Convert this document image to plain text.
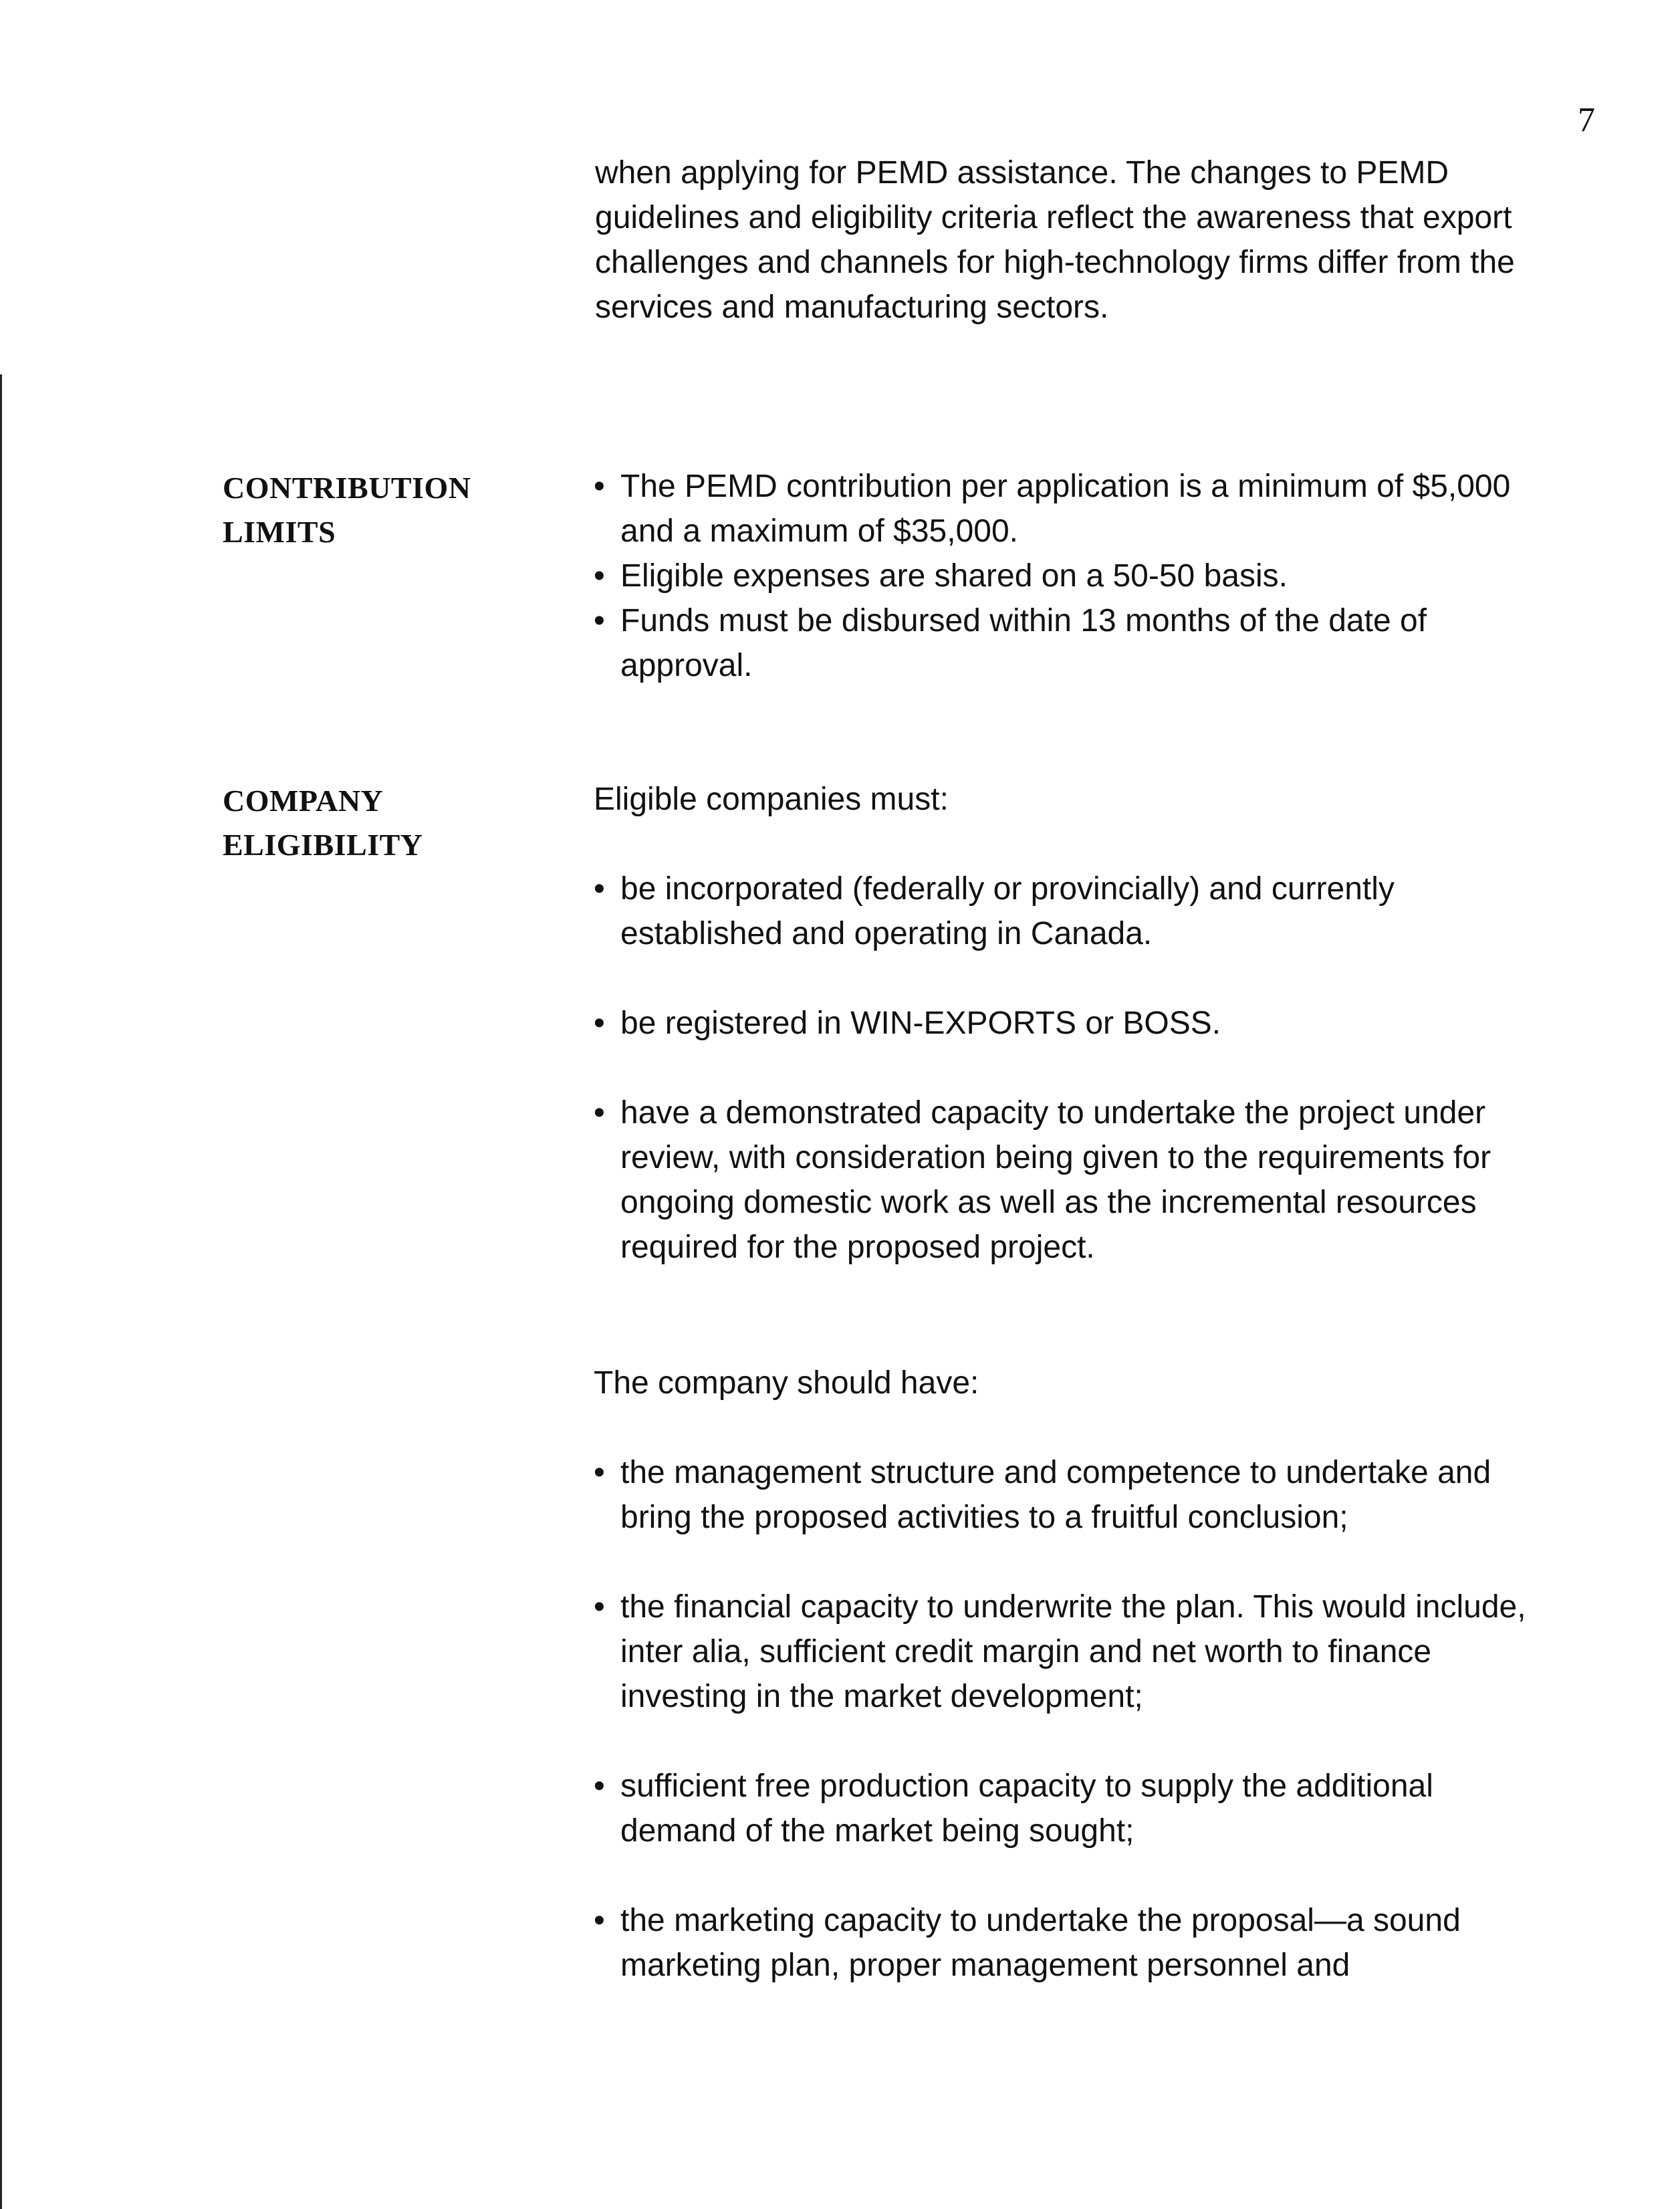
7

when applying for PEMD assistance. The changes to PEMD guidelines and eligibility criteria reflect the awareness that export challenges and channels for high-technology firms differ from the services and manufacturing sectors.

CONTRIBUTION
LIMITS
• The PEMD contribution per application is a minimum of $5,000 and a maximum of $35,000.
• Eligible expenses are shared on a 50-50 basis.
• Funds must be disbursed within 13 months of the date of approval.
COMPANY
ELIGIBILITY

Eligible companies must:

• be incorporated (federally or provincially) and currently established and operating in Canada.
• be registered in WIN-EXPORTS or BOSS.
• have a demonstrated capacity to undertake the project under review, with consideration being given to the requirements for ongoing domestic work as well as the incremental resources required for the proposed project.

The company should have:

• the management structure and competence to undertake and bring the proposed activities to a fruitful conclusion;
• the financial capacity to underwrite the plan. This would include, inter alia, sufficient credit margin and net worth to finance investing in the market development;
• sufficient free production capacity to supply the additional demand of the market being sought;
• the marketing capacity to undertake the proposal—a sound marketing plan, proper management personnel and
